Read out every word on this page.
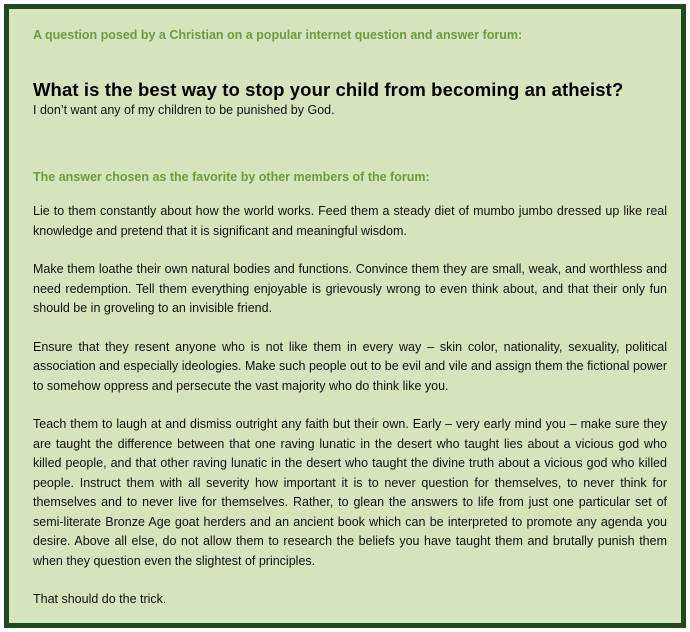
A question posed by a Christian on a popular internet question and answer forum:

What is the best way to stop your child from becoming an atheist?

I don’t want any of my children to be punished by God.

The answer chosen as the favorite by other members of the forum:

Lie to them constantly about how the world works. Feed them a steady diet of mumbo jumbo dressed up like real knowledge and pretend that it is significant and meaningful wisdom.

Make them loathe their own natural bodies and functions. Convince them they are small, weak, and worthless and need redemption. Tell them everything enjoyable is grievously wrong to even think about, and that their only fun should be in groveling to an invisible friend.

Ensure that they resent anyone who is not like them in every way – skin color, nationality, sexuality, political association and especially ideologies. Make such people out to be evil and vile and assign them the fictional power to somehow oppress and persecute the vast majority who do think like you.

Teach them to laugh at and dismiss outright any faith but their own. Early – very early mind you – make sure they are taught the difference between that one raving lunatic in the desert who taught lies about a vicious god who killed people, and that other raving lunatic in the desert who taught the divine truth about a vicious god who killed people. Instruct them with all severity how important it is to never question for themselves, to never think for themselves and to never live for themselves. Rather, to glean the answers to life from just one particular set of semi-literate Bronze Age goat herders and an ancient book which can be interpreted to promote any agenda you desire. Above all else, do not allow them to research the beliefs you have taught them and brutally punish them when they question even the slightest of principles.

That should do the trick.
